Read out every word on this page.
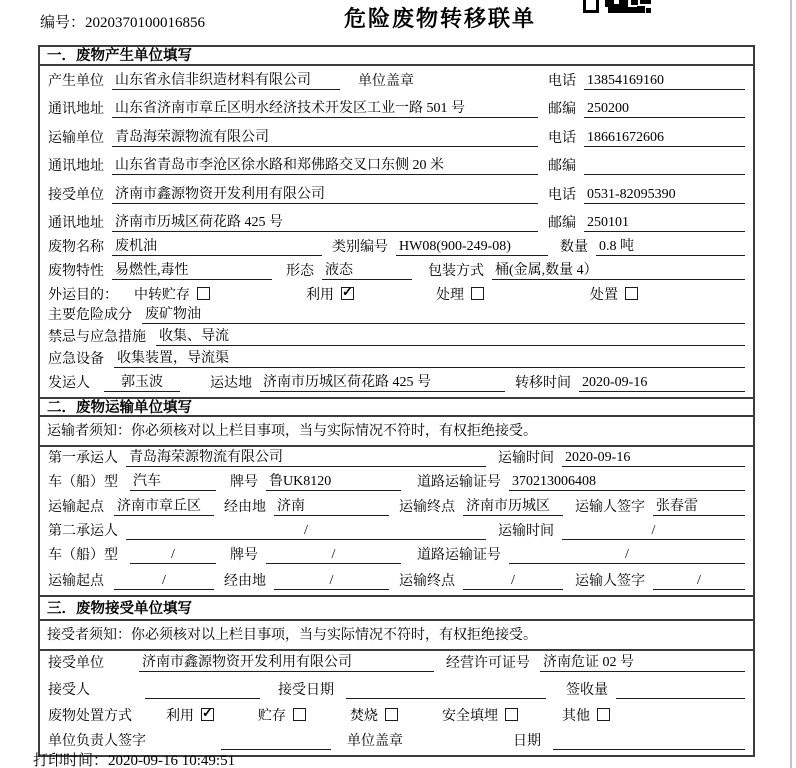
编号：2020370100016856	危险废物转移联单
一．废物产生单位填写
产生单位 山东省永信非织造材料有限公司	单位盖章	电话 13854169160
通讯地址 山东省济南市章丘区明水经济技术开发区工业一路 501 号	邮编 250200
运输单位 青岛海荣源物流有限公司	电话 18661672606
通讯地址 山东省青岛市李沧区徐水路和郑佛路交叉口东侧 20 米	邮编
接受单位 济南市鑫源物资开发利用有限公司	电话 0531-82095390
通讯地址 济南市历城区荷花路 425 号	邮编 250101
废物名称 废机油	类别编号 HW08(900-249-08)	数量 0.8 吨
废物特性 易燃性,毒性	形态 液态	包装方式 桶(金属,数量 4）
外运目的： 中转贮存	利用 ✓	处理	处置
主要危险成分 废矿物油
禁忌与应急措施 收集、导流
应急设备 收集装置，导流渠
发运人	郭玉波	运达地 济南市历城区荷花路 425 号	转移时间 2020-09-16
二．废物运输单位填写
运输者须知：你必须核对以上栏目事项，当与实际情况不符时，有权拒绝接受。
第一承运人 青岛海荣源物流有限公司	运输时间 2020-09-16
车（船）型 汽车	牌号 鲁UK8120	道路运输证号 370213006408
运输起点 济南市章丘区	经由地 济南	运输终点 济南市历城区	运输人签字 张春雷
第二承运人	/	运输时间	/
车（船）型	/	牌号	/	道路运输证号	/
运输起点	/	经由地	/	运输终点	/	运输人签字	/
三．废物接受单位填写
接受者须知：你必须核对以上栏目事项，当与实际情况不符时，有权拒绝接受。
接受单位	济南市鑫源物资开发利用有限公司	经营许可证号 济南危证 02 号
接受人	接受日期	签收量
废物处置方式 利用 ✓	贮存	焚烧	安全填埋	其他
单位负责人签字	单位盖章	日期
打印时间：2020-09-16 10:49:51
